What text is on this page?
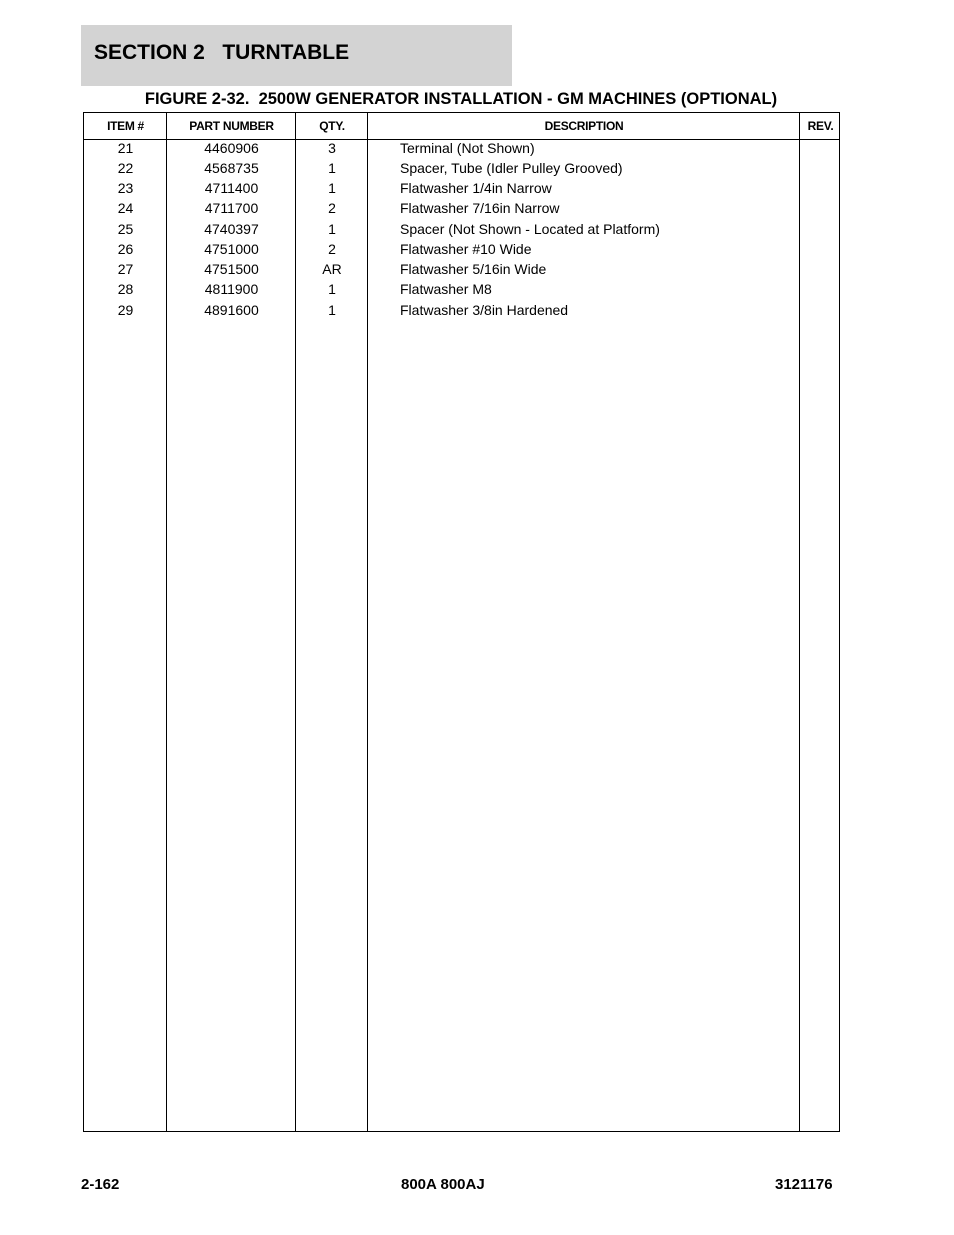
SECTION 2   TURNTABLE
FIGURE 2-32.  2500W GENERATOR INSTALLATION - GM MACHINES (OPTIONAL)
ITEM #	PART NUMBER	QTY.	DESCRIPTION	REV.
21	4460906	3	Terminal (Not Shown)
22	4568735	1	Spacer, Tube (Idler Pulley Grooved)
23	4711400	1	Flatwasher 1/4in Narrow
24	4711700	2	Flatwasher 7/16in Narrow
25	4740397	1	Spacer (Not Shown - Located at Platform)
26	4751000	2	Flatwasher #10 Wide
27	4751500	AR	Flatwasher 5/16in Wide
28	4811900	1	Flatwasher M8
29	4891600	1	Flatwasher 3/8in Hardened
2-162	800A 800AJ	3121176
